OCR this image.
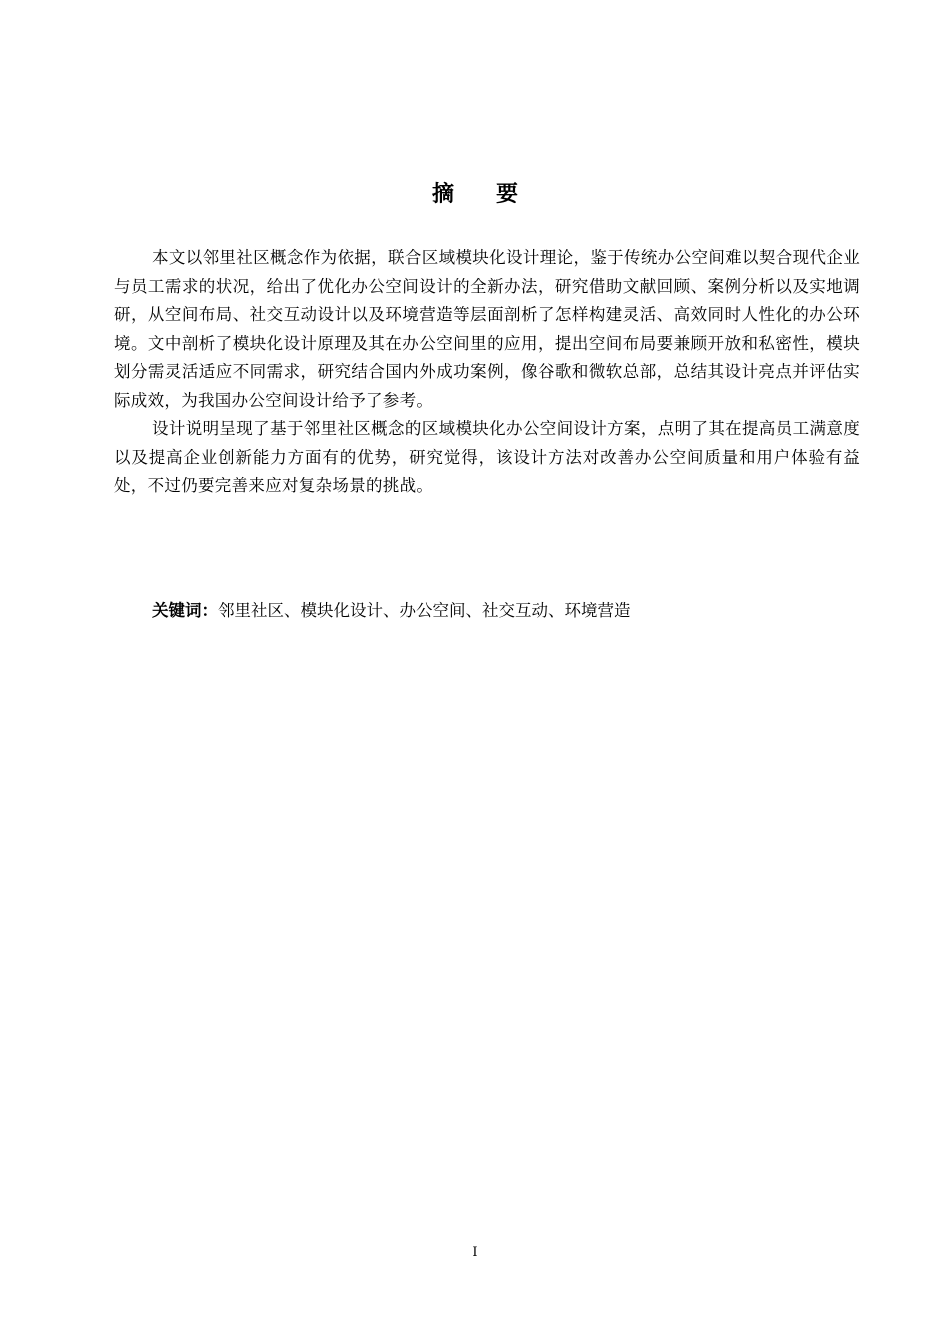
摘要

本文以邻里社区概念作为依据，联合区域模块化设计理论，鉴于传统办公空间难以契合现代企业与员工需求的状况，给出了优化办公空间设计的全新办法，研究借助文献回顾、案例分析以及实地调研，从空间布局、社交互动设计以及环境营造等层面剖析了怎样构建灵活、高效同时人性化的办公环境。文中剖析了模块化设计原理及其在办公空间里的应用，提出空间布局要兼顾开放和私密性，模块划分需灵活适应不同需求，研究结合国内外成功案例，像谷歌和微软总部，总结其设计亮点并评估实际成效，为我国办公空间设计给予了参考。

设计说明呈现了基于邻里社区概念的区域模块化办公空间设计方案，点明了其在提高员工满意度以及提高企业创新能力方面有的优势，研究觉得，该设计方法对改善办公空间质量和用户体验有益处，不过仍要完善来应对复杂场景的挑战。

关键词：邻里社区、模块化设计、办公空间、社交互动、环境营造
I
